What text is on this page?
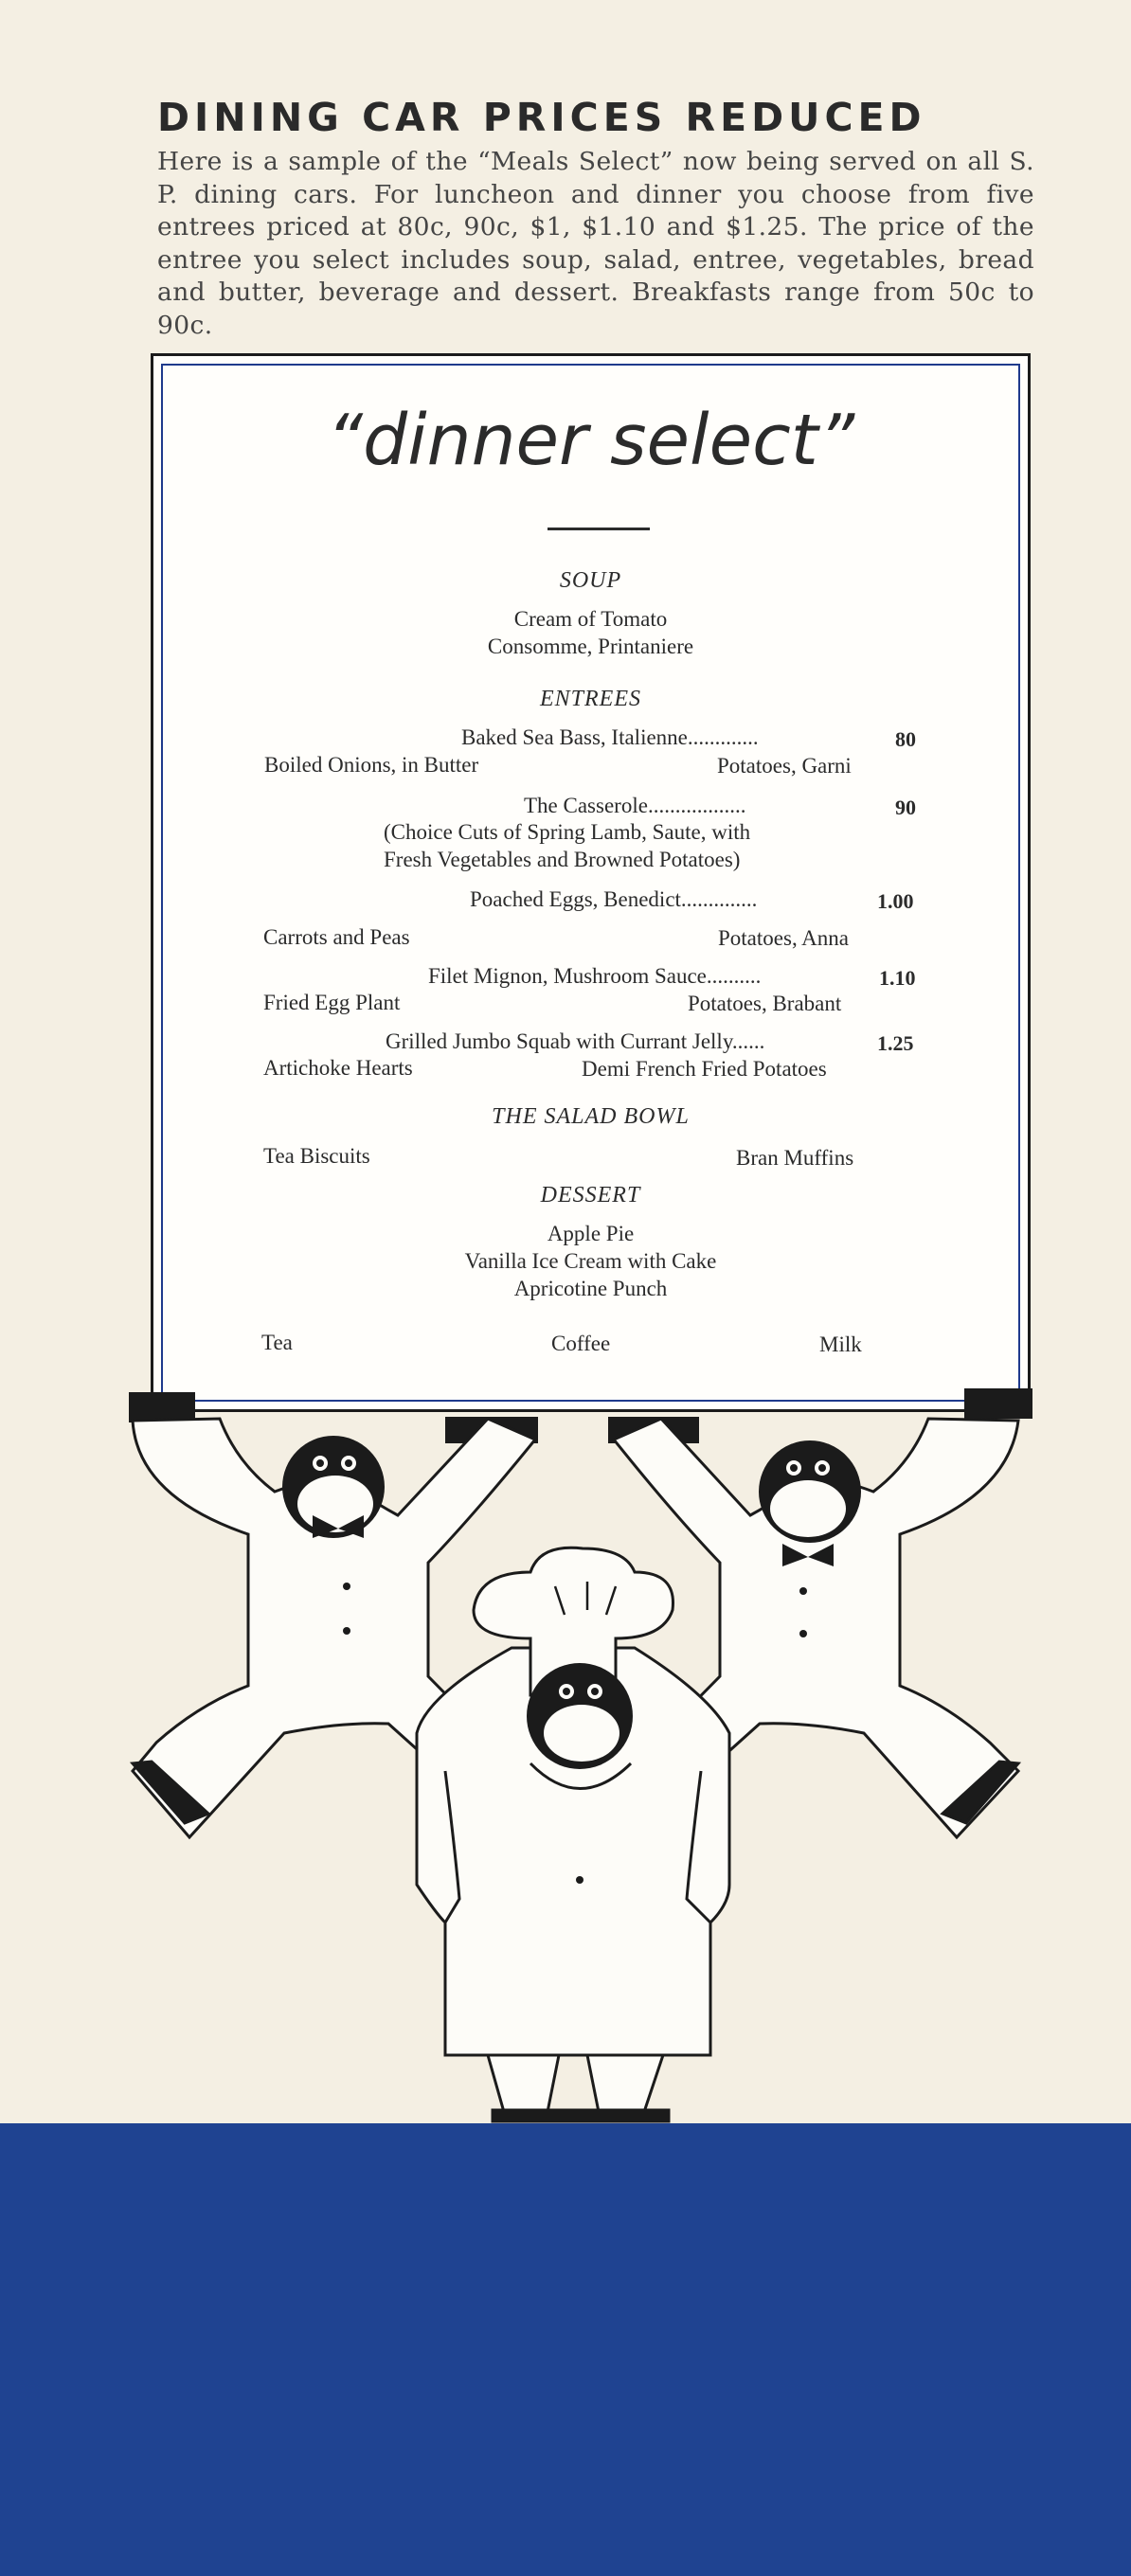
DINING CAR PRICES REDUCED
Here is a sample of the “Meals Select” now being served on all S. P. dining cars. For luncheon and dinner you choose from five entrees priced at 80c, 90c, $1, $1.10 and $1.25. The price of the entree you select includes soup, salad, entree, vegetables, bread and butter, beverage and dessert. Breakfasts range from 50c to 90c.
“dinner select”
SOUP
Cream of Tomato
Consomme, Printaniere
ENTREES
Baked Sea Bass, Italienne.............	80
Boiled Onions, in Butter	Potatoes, Garni
The Casserole..................	90
(Choice Cuts of Spring Lamb, Saute, with
Fresh Vegetables and Browned Potatoes)
Poached Eggs, Benedict..............	1.00
Carrots and Peas	Potatoes, Anna
Filet Mignon, Mushroom Sauce..........	1.10
Fried Egg Plant	Potatoes, Brabant
Grilled Jumbo Squab with Currant Jelly......	1.25
Artichoke Hearts	Demi French Fried Potatoes
THE SALAD BOWL
Tea Biscuits	Bran Muffins
DESSERT
Apple Pie
Vanilla Ice Cream with Cake
Apricotine Punch
Tea	Coffee	Milk
